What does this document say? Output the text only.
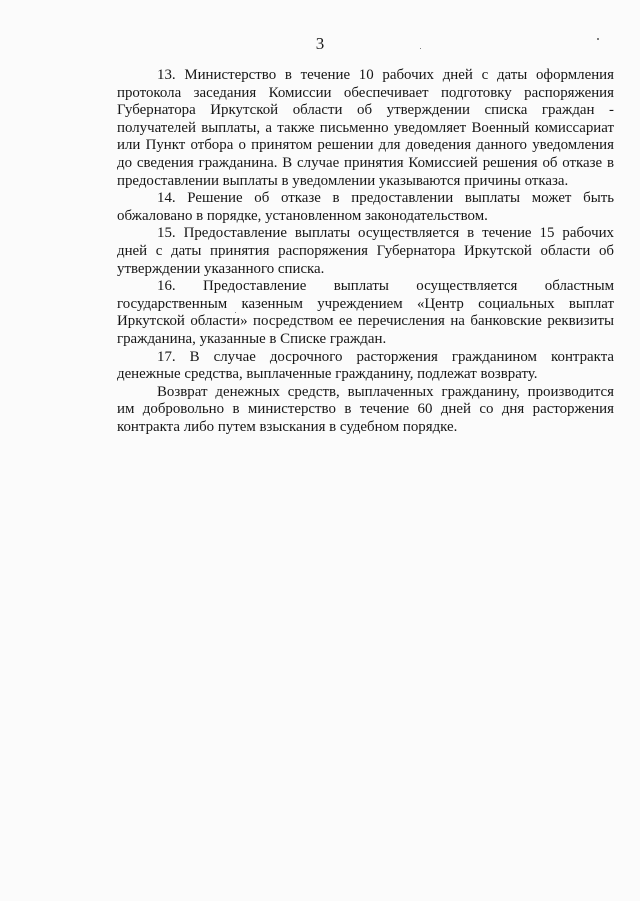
3

13. Министерство в течение 10 рабочих дней с даты оформления протокола заседания Комиссии обеспечивает подготовку распоряжения Губернатора Иркутской области об утверждении списка граждан - получателей выплаты, а также письменно уведомляет Военный комиссариат или Пункт отбора о принятом решении для доведения данного уведомления до сведения гражданина. В случае принятия Комиссией решения об отказе в предоставлении выплаты в уведомлении указываются причины отказа.

14. Решение об отказе в предоставлении выплаты может быть обжаловано в порядке, установленном законодательством.

15. Предоставление выплаты осуществляется в течение 15 рабочих дней с даты принятия распоряжения Губернатора Иркутской области об утверждении указанного списка.

16. Предоставление выплаты осуществляется областным государственным казенным учреждением «Центр социальных выплат Иркутской области» посредством ее перечисления на банковские реквизиты гражданина, указанные в Списке граждан.

17. В случае досрочного расторжения гражданином контракта денежные средства, выплаченные гражданину, подлежат возврату.

Возврат денежных средств, выплаченных гражданину, производится им добровольно в министерство в течение 60 дней со дня расторжения контракта либо путем взыскания в судебном порядке.
